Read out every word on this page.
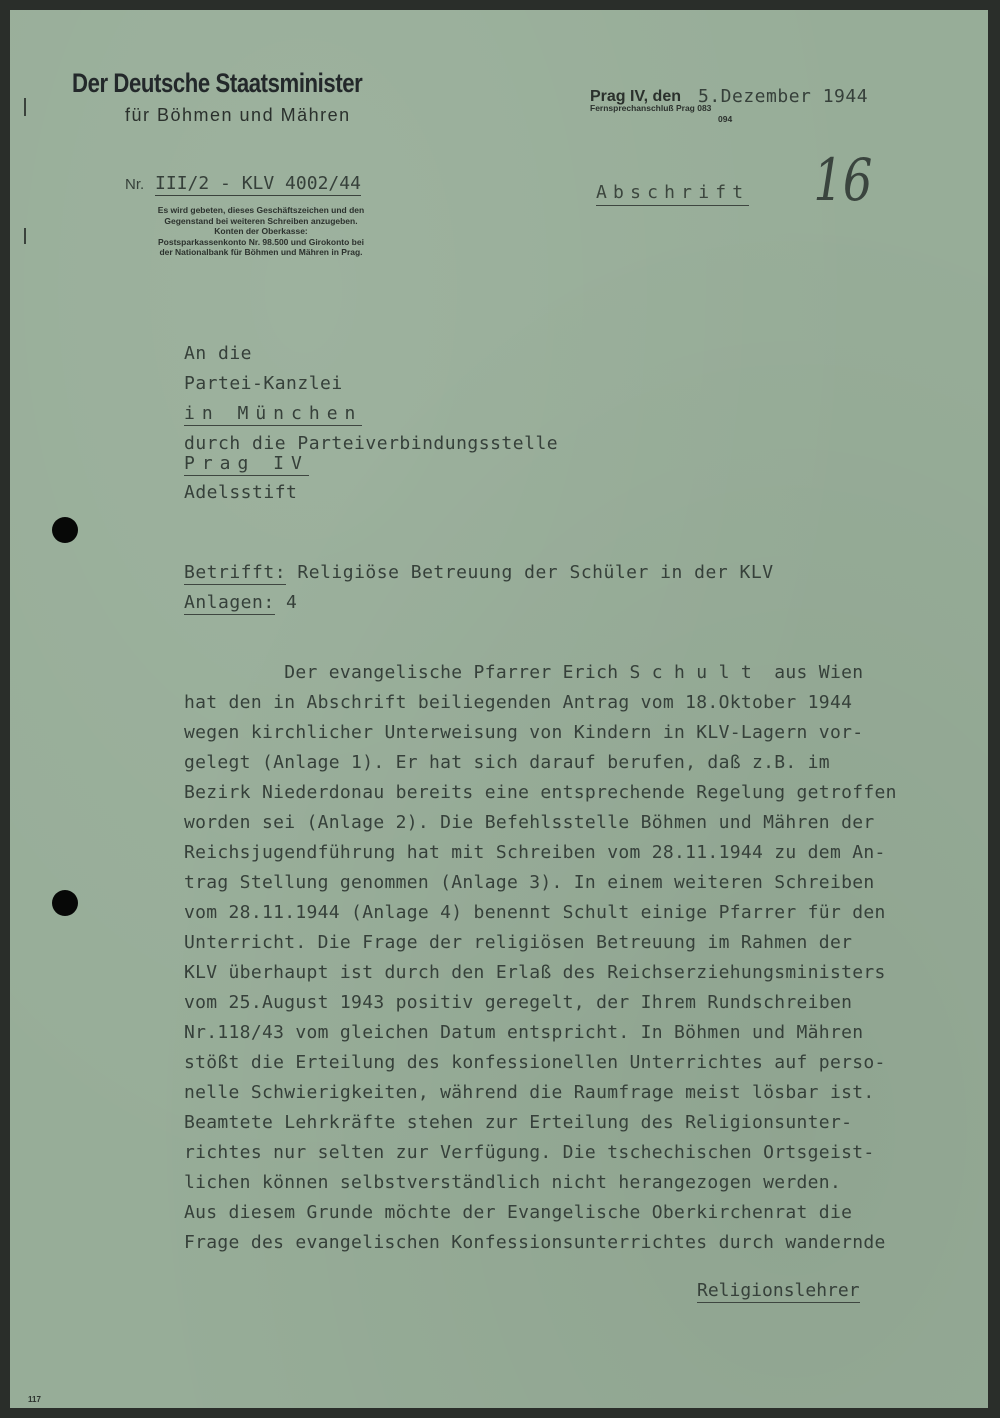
Der Deutsche Staatsminister
für Böhmen und Mähren
Nr. III/2 - KLV 4002/44
Es wird gebeten, dieses Geschäftszeichen und den
Gegenstand bei weiteren Schreiben anzugeben.
Konten der Oberkasse:
Postsparkassenkonto Nr. 98.500 und Girokonto bei
der Nationalbank für Böhmen und Mähren in Prag.
Prag IV, den 5.Dezember 1944
Fernsprechanschluß Prag 083
094
Abschrift 16
An die
Partei-Kanzlei
in München
durch die Parteiverbindungsstelle
Prag IV
Adelsstift
Betrifft: Religiöse Betreuung der Schüler in der KLV
Anlagen: 4
Der evangelische Pfarrer Erich S c h u l t  aus Wien
hat den in Abschrift beiliegenden Antrag vom 18.Oktober 1944
wegen kirchlicher Unterweisung von Kindern in KLV-Lagern vor-
gelegt (Anlage 1). Er hat sich darauf berufen, daß z.B. im
Bezirk Niederdonau bereits eine entsprechende Regelung getroffen
worden sei (Anlage 2). Die Befehlsstelle Böhmen und Mähren der
Reichsjugendführung hat mit Schreiben vom 28.11.1944 zu dem An-
trag Stellung genommen (Anlage 3). In einem weiteren Schreiben
vom 28.11.1944 (Anlage 4) benennt Schult einige Pfarrer für den
Unterricht. Die Frage der religiösen Betreuung im Rahmen der
KLV überhaupt ist durch den Erlaß des Reichserziehungsministers
vom 25.August 1943 positiv geregelt, der Ihrem Rundschreiben
Nr.118/43 vom gleichen Datum entspricht. In Böhmen und Mähren
stößt die Erteilung des konfessionellen Unterrichtes auf perso-
nelle Schwierigkeiten, während die Raumfrage meist lösbar ist.
Beamtete Lehrkräfte stehen zur Erteilung des Religionsunter-
richtes nur selten zur Verfügung. Die tschechischen Ortsgeist-
lichen können selbstverständlich nicht herangezogen werden.
Aus diesem Grunde möchte der Evangelische Oberkirchenrat die
Frage des evangelischen Konfessionsunterrichtes durch wandernde
Religionslehrer
117
